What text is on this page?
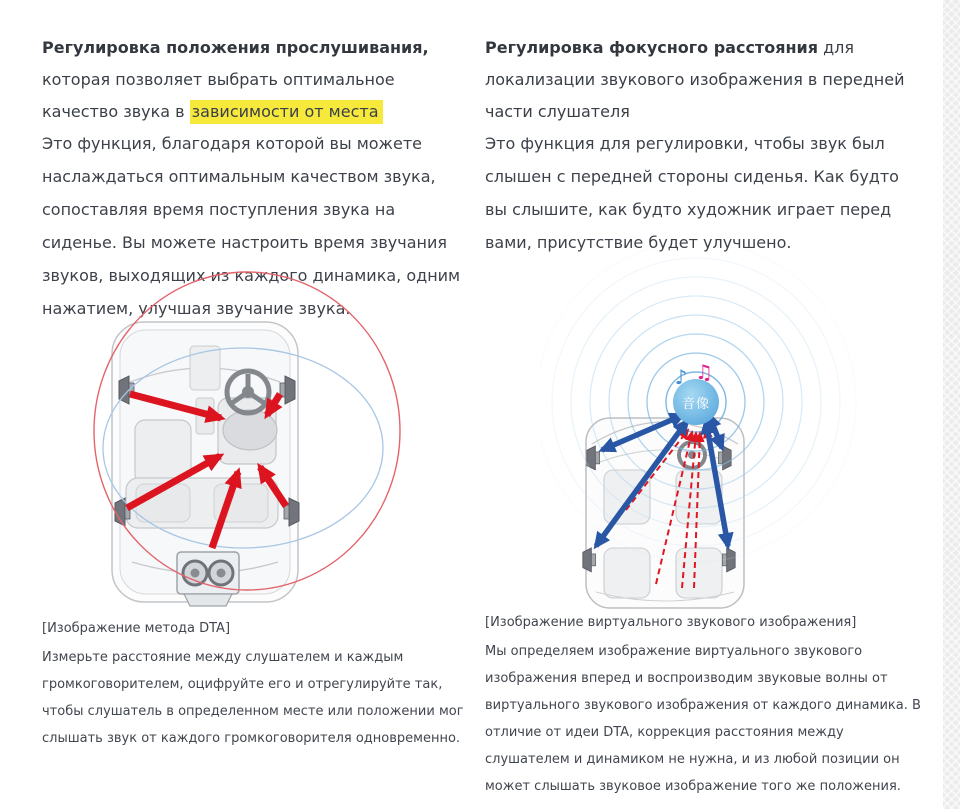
Регулировка положения прослушивания, которая позволяет выбрать оптимальное качество звука в зависимости от места
Это функция, благодаря которой вы можете наслаждаться оптимальным качеством звука, сопоставляя время поступления звука на сиденье. Вы можете настроить время звучания звуков, выходящих из каждого динамика, одним нажатием, улучшая звучание звука.
[Изображение метода DTA]
Измерьте расстояние между слушателем и каждым громкоговорителем, оцифруйте его и отрегулируйте так, чтобы слушатель в определенном месте или положении мог слышать звук от каждого громкоговорителя одновременно.
Регулировка фокусного расстояния для локализации звукового изображения в передней части слушателя
Это функция для регулировки, чтобы звук был слышен с передней стороны сиденья. Как будто вы слышите, как будто художник играет перед вами, присутствие будет улучшено.
音像
♪ ♫
[Изображение виртуального звукового изображения]
Мы определяем изображение виртуального звукового изображения вперед и воспроизводим звуковые волны от виртуального звукового изображения от каждого динамика. В отличие от идеи DTA, коррекция расстояния между слушателем и динамиком не нужна, и из любой позиции он может слышать звуковое изображение того же положения.
